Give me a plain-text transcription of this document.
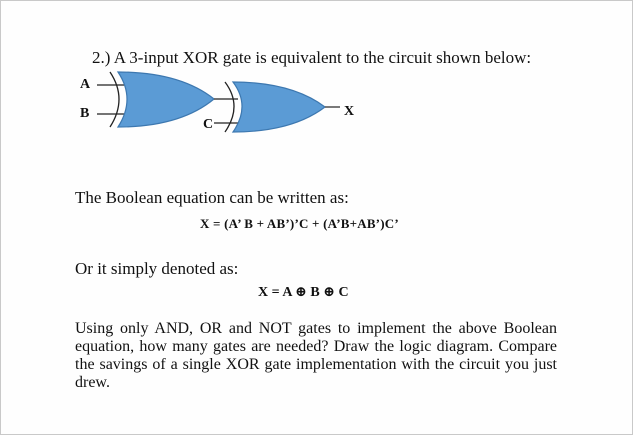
2.) A 3-input XOR gate is equivalent to the circuit shown below:
A
B
C
X
The Boolean equation can be written as:
X = (A’ B + AB’)’C + (A’B+AB’)C’
Or it simply denoted as:
X = A ⊕ B ⊕ C
Using only AND, OR and NOT gates to implement the above Boolean equation, how many gates are needed? Draw the logic diagram. Compare the savings of a single XOR gate implementation with the circuit you just drew.
